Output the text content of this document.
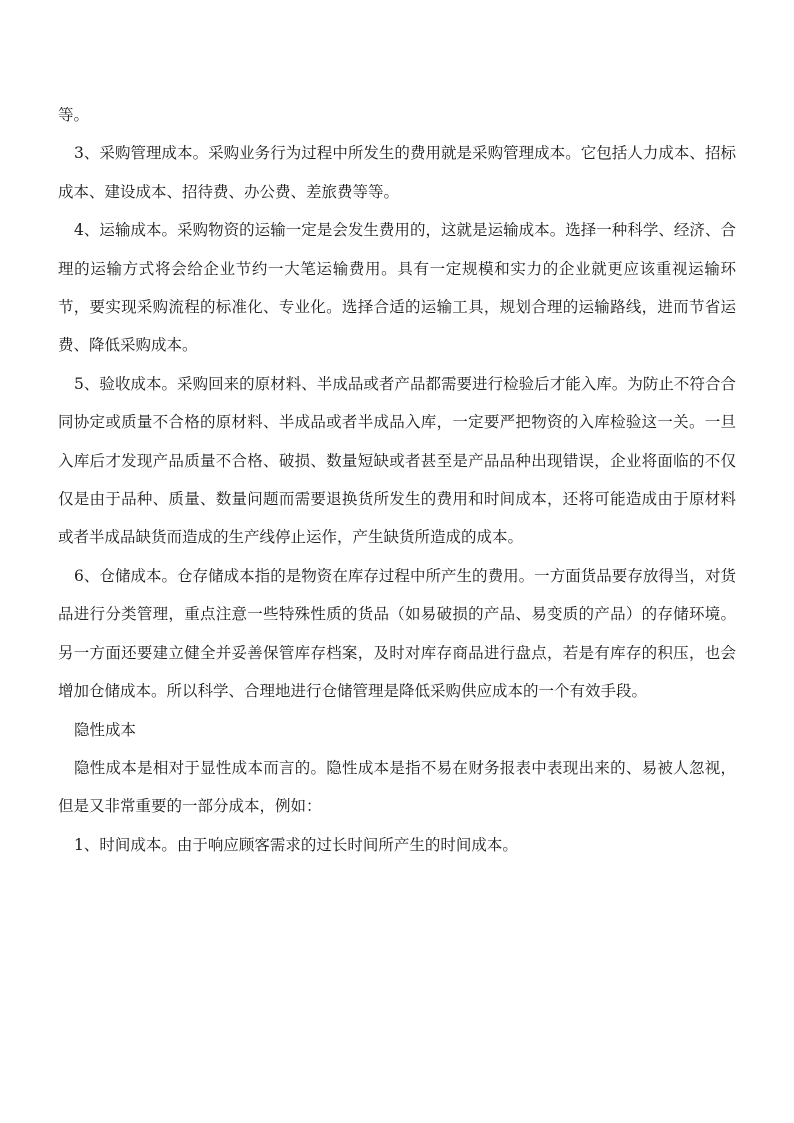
等。

3、采购管理成本。采购业务行为过程中所发生的费用就是采购管理成本。它包括人力成本、招标成本、建设成本、招待费、办公费、差旅费等等。

4、运输成本。采购物资的运输一定是会发生费用的，这就是运输成本。选择一种科学、经济、合理的运输方式将会给企业节约一大笔运输费用。具有一定规模和实力的企业就更应该重视运输环节，要实现采购流程的标准化、专业化。选择合适的运输工具，规划合理的运输路线，进而节省运费、降低采购成本。

5、验收成本。采购回来的原材料、半成品或者产品都需要进行检验后才能入库。为防止不符合合同协定或质量不合格的原材料、半成品或者半成品入库，一定要严把物资的入库检验这一关。一旦入库后才发现产品质量不合格、破损、数量短缺或者甚至是产品品种出现错误，企业将面临的不仅仅是由于品种、质量、数量问题而需要退换货所发生的费用和时间成本，还将可能造成由于原材料或者半成品缺货而造成的生产线停止运作，产生缺货所造成的成本。

6、仓储成本。仓存储成本指的是物资在库存过程中所产生的费用。一方面货品要存放得当，对货品进行分类管理，重点注意一些特殊性质的货品（如易破损的产品、易变质的产品）的存储环境。另一方面还要建立健全并妥善保管库存档案，及时对库存商品进行盘点，若是有库存的积压，也会增加仓储成本。所以科学、合理地进行仓储管理是降低采购供应成本的一个有效手段。

隐性成本

隐性成本是相对于显性成本而言的。隐性成本是指不易在财务报表中表现出来的、易被人忽视，但是又非常重要的一部分成本，例如：

1、时间成本。由于响应顾客需求的过长时间所产生的时间成本。
